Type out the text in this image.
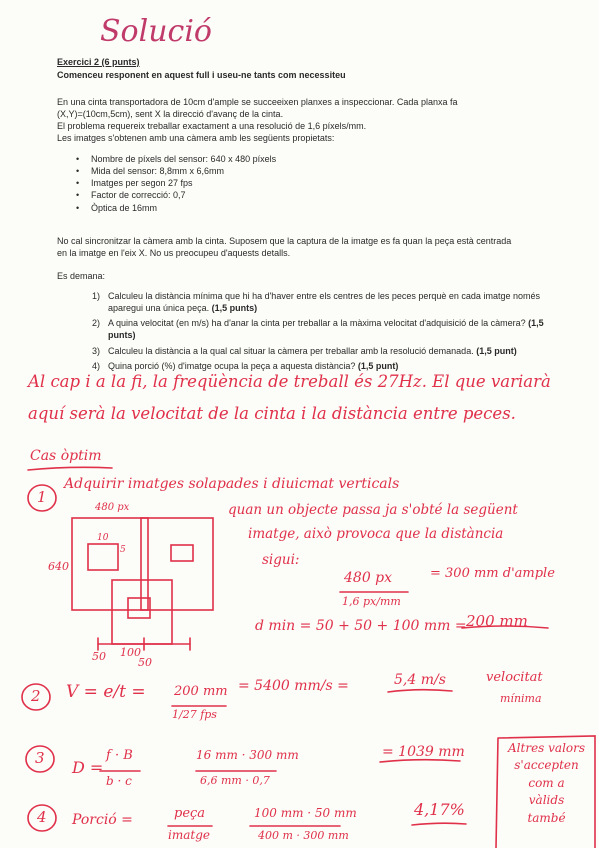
Solució
Exercici 2 (6 punts)
Comenceu responent en aquest full i useu-ne tants com necessiteu
En una cinta transportadora de 10cm d'ample se succeeixen planxes a inspeccionar. Cada planxa fa
(X,Y)=(10cm,5cm), sent X la direcció d'avanç de la cinta.
El problema requereix treballar exactament a una resolució de 1,6 píxels/mm.
Les imatges s'obtenen amb una càmera amb les següents propietats:
• Nombre de píxels del sensor: 640 x 480 píxels
• Mida del sensor: 8,8mm x 6,6mm
• Imatges per segon 27 fps
• Factor de correcció: 0,7
• Òptica de 16mm
No cal sincronitzar la càmera amb la cinta. Suposem que la captura de la imatge es fa quan la peça està centrada
en la imatge en l'eix X. No us preocupeu d'aquests detalls.
Es demana:
1) Calculeu la distància mínima que hi ha d'haver entre els centres de les peces perquè en cada imatge només aparegui una única peça. (1,5 punts)
2) A quina velocitat (en m/s) ha d'anar la cinta per treballar a la màxima velocitat d'adquisició de la càmera? (1,5 punts)
3) Calculeu la distància a la qual cal situar la càmera per treballar amb la resolució demanada. (1,5 punt)
4) Quina porció (%) d'imatge ocupa la peça a aquesta distància? (1,5 punt)
Al cap i a la fi, la freqüència de treball és 27Hz. El que variarà
aquí serà la velocitat de la cinta i la distància entre peces.
Cas òptim
1
Adquirir imatges solapades i diuicmat verticals
480 px
640
10
5
quan un objecte passa ja s'obté la següent
imatge, això provoca que la distància
sigui:
480 px
1,6 px/mm
= 300 mm d'ample
d min = 50 + 50 + 100 mm = 200 mm
50 100
50
2 V = e/t = 200 mm
1/27 fps
= 5400 mm/s =	5,4 m/s	velocitat
mínima
3 D =
f · B
b · c
16 mm · 300 mm
6,6 mm · 0,7
= 1039 mm	Altres valors
s'accepten
com a
vàlids
també
4 Porció =	peça
imatge
100 mm · 50 mm
400 m · 300 mm
4,17%
